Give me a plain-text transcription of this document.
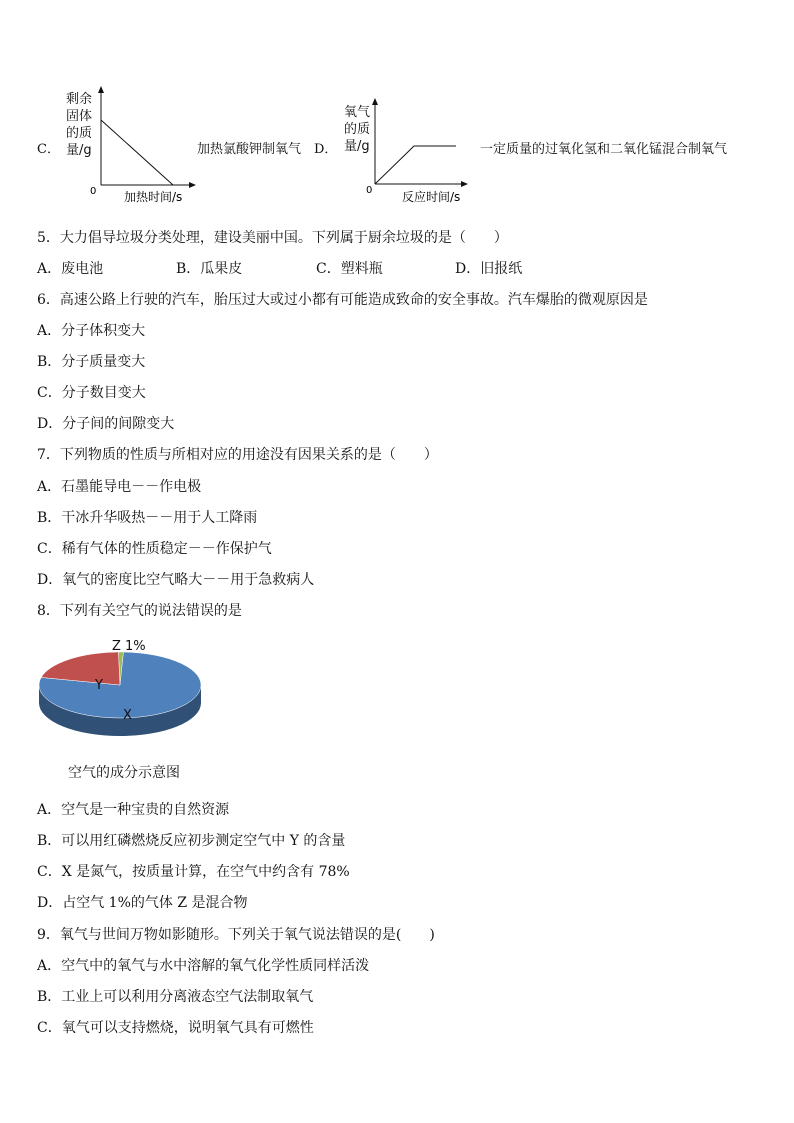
C．
剩余
固体
的质
量/g
0 加热时间/s
加热氯酸钾制氧气 D．
氧气
的质
量/g
0 反应时间/s
一定质量的过氧化氢和二氧化锰混合制氧气
5．大力倡导垃圾分类处理，建设美丽中国。下列属于厨余垃圾的是（　　）
A．废电池	B．瓜果皮	C．塑料瓶	D．旧报纸
6．高速公路上行驶的汽车，胎压过大或过小都有可能造成致命的安全事故。汽车爆胎的微观原因是
A．分子体积变大
B．分子质量变大
C．分子数目变大
D．分子间的间隙变大
7．下列物质的性质与所相对应的用途没有因果关系的是（　　）
A．石墨能导电－－作电极
B．干冰升华吸热－－用于人工降雨
C．稀有气体的性质稳定－－作保护气
D．氧气的密度比空气略大－－用于急救病人
8．下列有关空气的说法错误的是
X
Y
Z 1%
空气的成分示意图
A．空气是一种宝贵的自然资源
B．可以用红磷燃烧反应初步测定空气中 Y 的含量
C．X 是氮气，按质量计算，在空气中约含有 78%
D．占空气 1%的气体 Z 是混合物
9．氧气与世间万物如影随形。下列关于氧气说法错误的是(　　)
A．空气中的氧气与水中溶解的氧气化学性质同样活泼
B．工业上可以利用分离液态空气法制取氧气
C．氧气可以支持燃烧，说明氧气具有可燃性
